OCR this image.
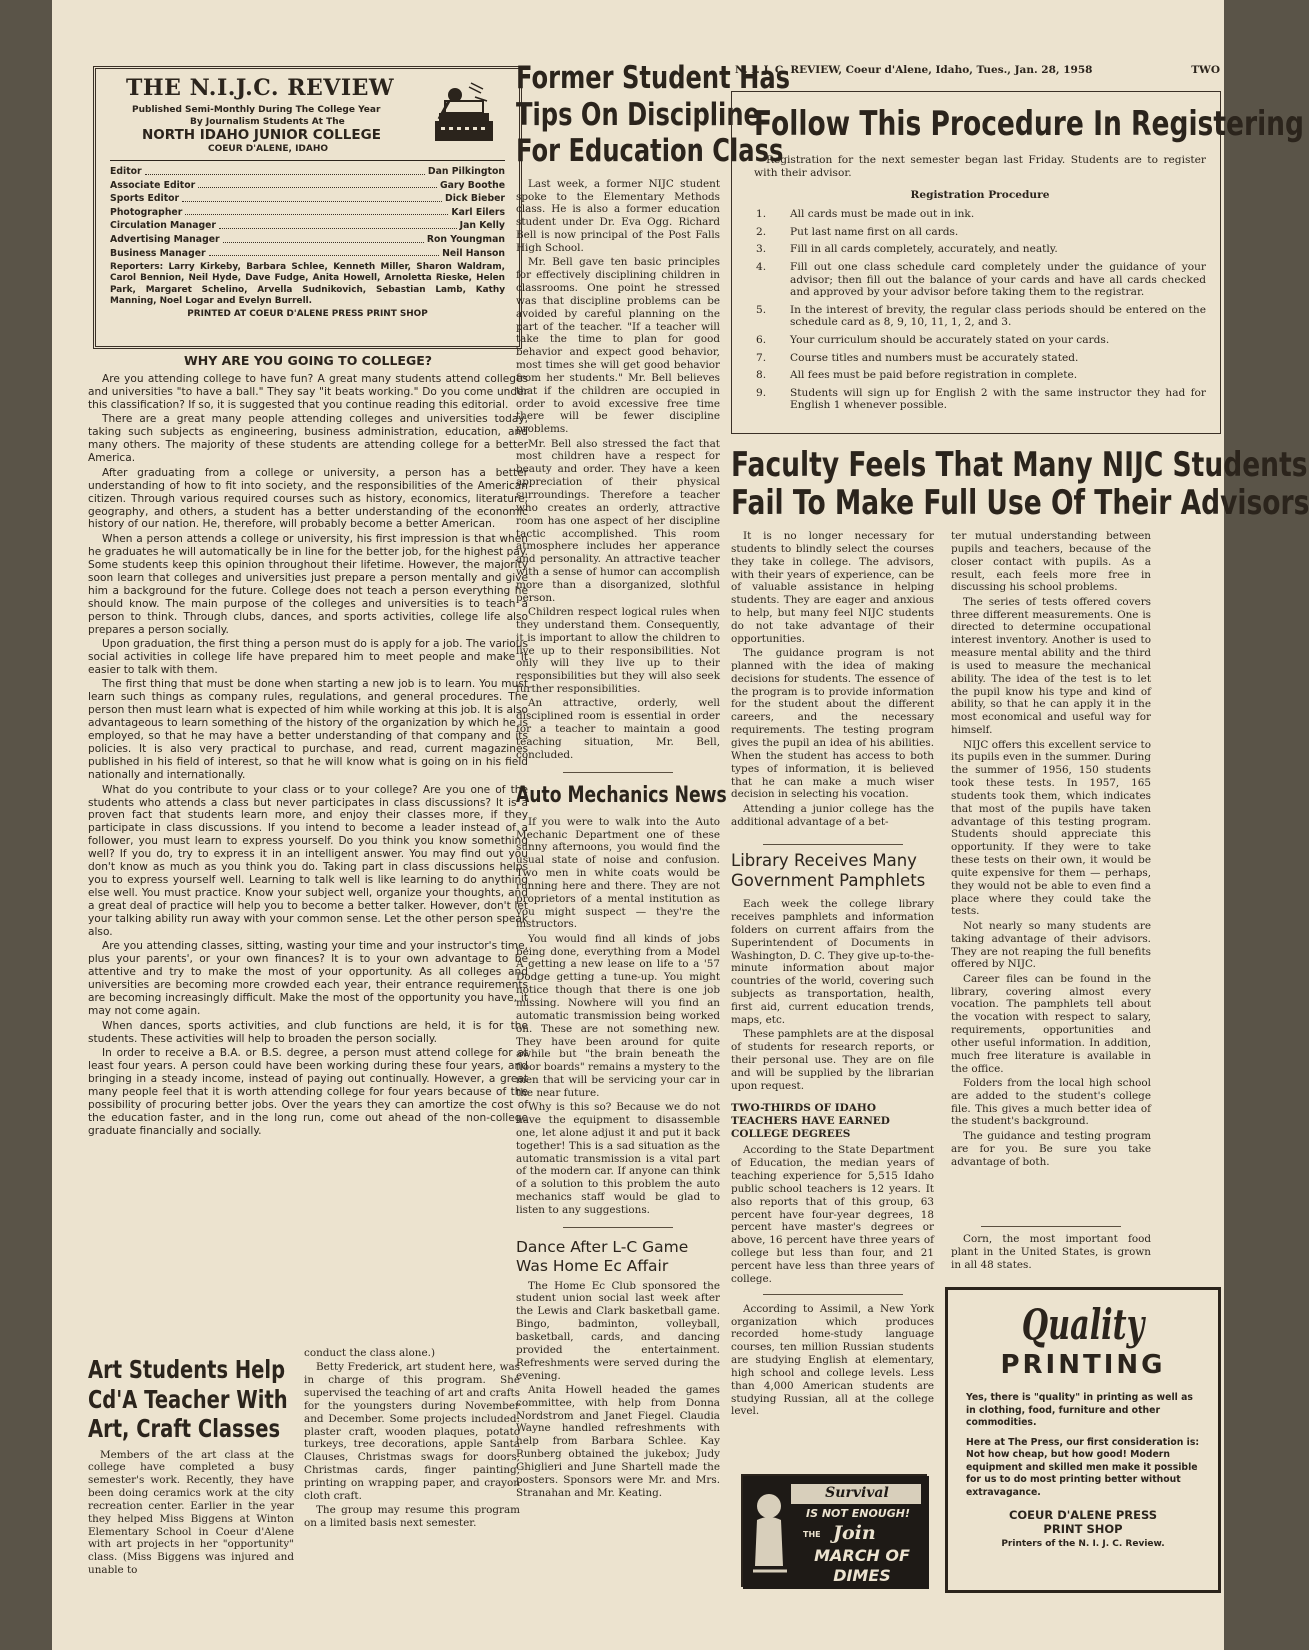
N. I. J. C. REVIEW, Coeur d'Alene, Idaho, Tues., Jan. 28, 1958	TWO
THE N.I.J.C. REVIEW
Published Semi-Monthly During The College Year
By Journalism Students At The
NORTH IDAHO JUNIOR COLLEGE
COEUR D'ALENE, IDAHO
Editor	Dan Pilkington
Associate Editor	Gary Boothe
Sports Editor	Dick Bieber
Photographer	Karl Eilers
Circulation Manager	Jan Kelly
Advertising Manager	Ron Youngman
Business Manager	Neil Hanson
Reporters: Larry Kirkeby, Barbara Schlee, Kenneth Miller, Sharon Waldram, Carol Bennion, Neil Hyde, Dave Fudge, Anita Howell, Arnoletta Rieske, Helen Park, Margaret Schelino, Arvella Sudnikovich, Sebastian Lamb, Kathy Manning, Noel Logar and Evelyn Burrell.
PRINTED AT COEUR D'ALENE PRESS PRINT SHOP
WHY ARE YOU GOING TO COLLEGE?

Are you attending college to have fun? A great many students attend colleges and universities "to have a ball." They say "it beats working." Do you come under this classification? If so, it is suggested that you continue reading this editorial.

There are a great many people attending colleges and universities today, taking such subjects as engineering, business administration, education, and many others. The majority of these students are attending college for a better America.

After graduating from a college or university, a person has a better understanding of how to fit into society, and the responsibilities of the American citizen. Through various required courses such as history, economics, literature, geography, and others, a student has a better understanding of the economic history of our nation. He, therefore, will probably become a better American.

When a person attends a college or university, his first impression is that when he graduates he will automatically be in line for the better job, for the highest pay. Some students keep this opinion throughout their lifetime. However, the majority soon learn that colleges and universities just prepare a person mentally and give him a background for the future. College does not teach a person everything he should know. The main purpose of the colleges and universities is to teach a person to think. Through clubs, dances, and sports activities, college life also prepares a person socially.

Upon graduation, the first thing a person must do is apply for a job. The various social activities in college life have prepared him to meet people and make it easier to talk with them.

The first thing that must be done when starting a new job is to learn. You must learn such things as company rules, regulations, and general procedures. The person then must learn what is expected of him while working at this job. It is also advantageous to learn something of the history of the organization by which he is employed, so that he may have a better understanding of that company and its policies. It is also very practical to purchase, and read, current magazines published in his field of interest, so that he will know what is going on in his field nationally and internationally.

What do you contribute to your class or to your college? Are you one of the students who attends a class but never participates in class discussions? It is a proven fact that students learn more, and enjoy their classes more, if they participate in class discussions. If you intend to become a leader instead of a follower, you must learn to express yourself. Do you think you know something well? If you do, try to express it in an intelligent answer. You may find out you don't know as much as you think you do. Taking part in class discussions helps you to express yourself well. Learning to talk well is like learning to do anything else well. You must practice. Know your subject well, organize your thoughts, and a great deal of practice will help you to become a better talker. However, don't let your talking ability run away with your common sense. Let the other person speak also.

Are you attending classes, sitting, wasting your time and your instructor's time, plus your parents', or your own finances? It is to your own advantage to be attentive and try to make the most of your opportunity. As all colleges and universities are becoming more crowded each year, their entrance requirements are becoming increasingly difficult. Make the most of the opportunity you have, it may not come again.

When dances, sports activities, and club functions are held, it is for the students. These activities will help to broaden the person socially.

In order to receive a B.A. or B.S. degree, a person must attend college for at least four years. A person could have been working during these four years, and bringing in a steady income, instead of paying out continually. However, a great many people feel that it is worth attending college for four years because of the possibility of procuring better jobs. Over the years they can amortize the cost of the education faster, and in the long run, come out ahead of the non-college graduate financially and socially.

Art Students Help
Cd'A Teacher With
Art, Craft Classes

Members of the art class at the college have completed a busy semester's work. Recently, they have been doing ceramics work at the city recreation center. Earlier in the year they helped Miss Biggens at Winton Elementary School in Coeur d'Alene with art projects in her "opportunity" class. (Miss Biggens was injured and unable to

conduct the class alone.)

Betty Frederick, art student here, was in charge of this program. She supervised the teaching of art and crafts for the youngsters during November and December. Some projects included: plaster craft, wooden plaques, potato turkeys, tree decorations, apple Santa Clauses, Christmas swags for doors, Christmas cards, finger painting, printing on wrapping paper, and crayon cloth craft.

The group may resume this program on a limited basis next semester.

Former Student Has
Tips On Discipline
For Education Class

Last week, a former NIJC student spoke to the Elementary Methods class. He is also a former education student under Dr. Eva Ogg. Richard Bell is now principal of the Post Falls High School.

Mr. Bell gave ten basic principles for effectively disciplining children in classrooms. One point he stressed was that discipline problems can be avoided by careful planning on the part of the teacher. "If a teacher will take the time to plan for good behavior and expect good behavior, most times she will get good behavior from her students." Mr. Bell believes that if the children are occupied in order to avoid excessive free time there will be fewer discipline problems.

Mr. Bell also stressed the fact that most children have a respect for beauty and order. They have a keen appreciation of their physical surroundings. Therefore a teacher who creates an orderly, attractive room has one aspect of her discipline tactic accomplished. This room atmosphere includes her apperance and personality. An attractive teacher with a sense of humor can accomplish more than a disorganized, slothful person.

Children respect logical rules when they understand them. Consequently, it is important to allow the children to live up to their responsibilities. Not only will they live up to their responsibilities but they will also seek further responsibilities.

An attractive, orderly, well disciplined room is essential in order for a teacher to maintain a good teaching situation, Mr. Bell, concluded.

Auto Mechanics News

If you were to walk into the Auto Mechanic Department one of these sunny afternoons, you would find the usual state of noise and confusion. Two men in white coats would be running here and there. They are not proprietors of a mental institution as you might suspect — they're the instructors.

You would find all kinds of jobs being done, everything from a Model A getting a new lease on life to a '57 Dodge getting a tune-up. You might notice though that there is one job missing. Nowhere will you find an automatic transmission being worked on. These are not something new. They have been around for quite awhile but "the brain beneath the floor boards" remains a mystery to the men that will be servicing your car in the near future.

Why is this so? Because we do not have the equipment to disassemble one, let alone adjust it and put it back together! This is a sad situation as the automatic transmission is a vital part of the modern car. If anyone can think of a solution to this problem the auto mechanics staff would be glad to listen to any suggestions.

Dance After L-C Game
Was Home Ec Affair

The Home Ec Club sponsored the student union social last week after the Lewis and Clark basketball game. Bingo, badminton, volleyball, basketball, cards, and dancing provided the entertainment. Refreshments were served during the evening.

Anita Howell headed the games committee, with help from Donna Nordstrom and Janet Fiegel. Claudia Wayne handled refreshments with help from Barbara Schlee. Kay Runberg obtained the jukebox; Judy Ghiglieri and June Shartell made the posters. Sponsors were Mr. and Mrs. Stranahan and Mr. Keating.

Follow This Procedure In Registering

Registration for the next semester began last Friday. Students are to register with their advisor.

Registration Procedure
1.	All cards must be made out in ink.
2.	Put last name first on all cards.
3.	Fill in all cards completely, accurately, and neatly.
4.	Fill out one class schedule card completely under the guidance of your advisor; then fill out the balance of your cards and have all cards checked and approved by your advisor before taking them to the registrar.
5.	In the interest of brevity, the regular class periods should be entered on the schedule card as 8, 9, 10, 11, 1, 2, and 3.
6.	Your curriculum should be accurately stated on your cards.
7.	Course titles and numbers must be accurately stated.
8.	All fees must be paid before registration in complete.
9.	Students will sign up for English 2 with the same instructor they had for English 1 whenever possible.
Faculty Feels That Many NIJC Students
Fail To Make Full Use Of Their Advisors

It is no longer necessary for students to blindly select the courses they take in college. The advisors, with their years of experience, can be of valuable assistance in helping students. They are eager and anxious to help, but many feel NIJC students do not take advantage of their opportunities.

The guidance program is not planned with the idea of making decisions for students. The essence of the program is to provide information for the student about the different careers, and the necessary requirements. The testing program gives the pupil an idea of his abilities. When the student has access to both types of information, it is believed that he can make a much wiser decision in selecting his vocation.

Attending a junior college has the additional advantage of a bet-

ter mutual understanding between pupils and teachers, because of the closer contact with pupils. As a result, each feels more free in discussing his school problems.

The series of tests offered covers three different measurements. One is directed to determine occupational interest inventory. Another is used to measure mental ability and the third is used to measure the mechanical ability. The idea of the test is to let the pupil know his type and kind of ability, so that he can apply it in the most economical and useful way for himself.

NIJC offers this excellent service to its pupils even in the summer. During the summer of 1956, 150 students took these tests. In 1957, 165 students took them, which indicates that most of the pupils have taken advantage of this testing program. Students should appreciate this opportunity. If they were to take these tests on their own, it would be quite expensive for them — perhaps, they would not be able to even find a place where they could take the tests.

Not nearly so many students are taking advantage of their advisors. They are not reaping the full benefits offered by NIJC.

Career files can be found in the library, covering almost every vocation. The pamphlets tell about the vocation with respect to salary, requirements, opportunities and other useful information. In addition, much free literature is available in the office.

Folders from the local high school are added to the student's college file. This gives a much better idea of the student's background.

The guidance and testing program are for you. Be sure you take advantage of both.

Library Receives Many
Government Pamphlets

Each week the college library receives pamphlets and information folders on current affairs from the Superintendent of Documents in Washington, D. C. They give up-to-the-minute information about major countries of the world, covering such subjects as transportation, health, first aid, current education trends, maps, etc.

These pamphlets are at the disposal of students for research reports, or their personal use. They are on file and will be supplied by the librarian upon request.

TWO-THIRDS OF IDAHO
TEACHERS HAVE EARNED
COLLEGE DEGREES

According to the State Department of Education, the median years of teaching experience for 5,515 Idaho public school teachers is 12 years. It also reports that of this group, 63 percent have four-year degrees, 18 percent have master's degrees or above, 16 percent have three years of college but less than four, and 21 percent have less than three years of college.

According to Assimil, a New York organization which produces recorded home-study language courses, ten million Russian students are studying English at elementary, high school and college levels. Less than 4,000 American students are studying Russian, all at the college level.

Corn, the most important food plant in the United States, is grown in all 48 states.

Survival
IS NOT ENOUGH!
THE Join
MARCH OF
DIMES
Quality
PRINTING
Yes, there is "quality" in printing as well as in clothing, food, furniture and other commodities.
Here at The Press, our first consideration is: Not how cheap, but how good! Modern equipment and skilled men make it possible for us to do most printing better without extravagance.
COEUR D'ALENE PRESS
PRINT SHOP
Printers of the N. I. J. C. Review.
